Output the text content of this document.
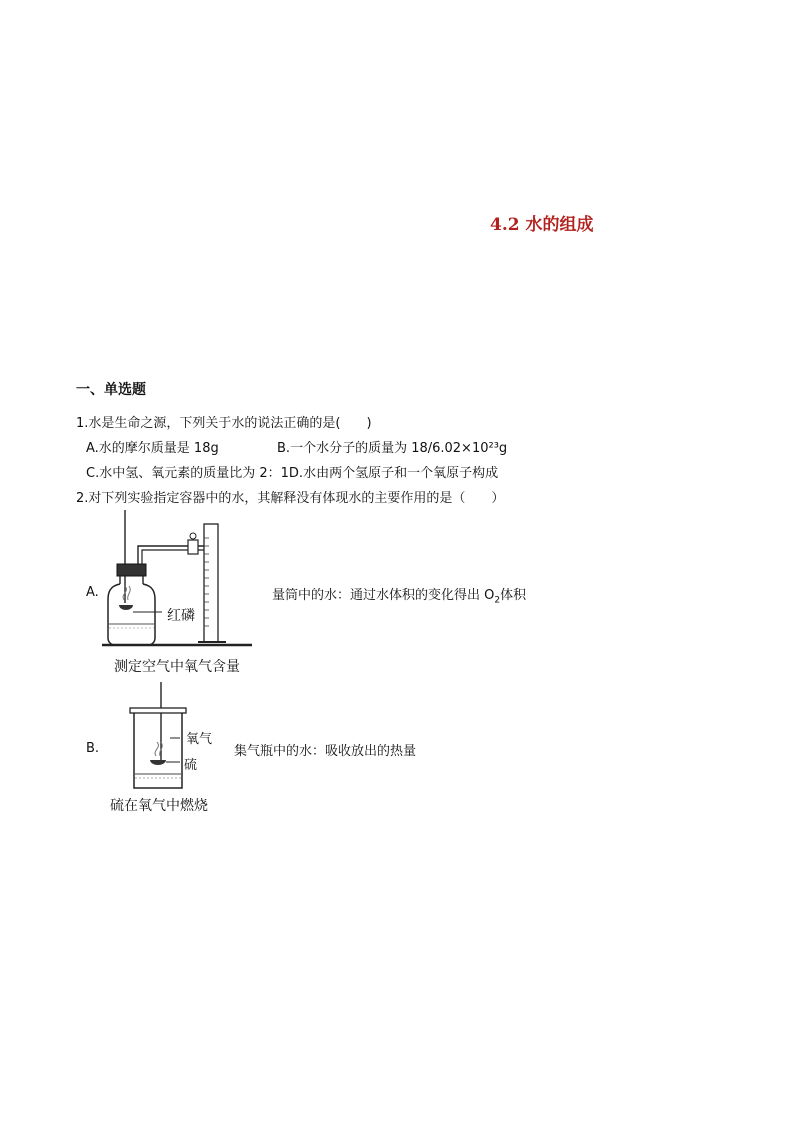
4.2 水的组成
一、单选题
1.水是生命之源，下列关于水的说法正确的是(　　)
A.水的摩尔质量是 18g	B.一个水分子的质量为 18/6.02×10²³g
C.水中氢、氧元素的质量比为 2：1D.水由两个氢原子和一个氧原子构成
2.对下列实验指定容器中的水，其解释没有体现水的主要作用的是（　　）
A.
红磷
量筒中的水：通过水体积的变化得出 $O_2$体积
测定空气中氧气含量
B.
氧气
硫
集气瓶中的水：吸收放出的热量
硫在氧气中燃烧
